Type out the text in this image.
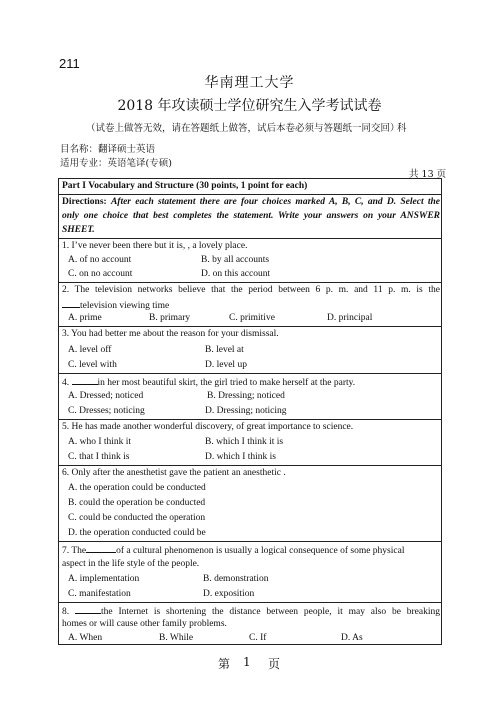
211
华南理工大学
2018 年攻读硕士学位研究生入学考试试卷
（试卷上做答无效，请在答题纸上做答，试后本卷必须与答题纸一同交回）
科
目名称：翻译硕士英语
适用专业：英语笔译(专硕)
共 13 页
Part I Vocabulary and Structure (30 points, 1 point for each)
Directions: After each statement there are four choices marked A, B, C, and D. Select the
only one choice that best completes the statement. Write your answers on your ANSWER
SHEET.
1. I’ve never been there but it is, , a lovely place.
A. of no account	B. by all accounts
C. on no account	D. on this account
2. The television networks believe that the period between 6 p. m. and 11 p. m. is the
television viewing time
A. prime	B. primary	C. primitive	D. principal
3. You had better me about the reason for your dismissal.
A. level off	B. level at
C. level with	D. level up
4.	in her most beautiful skirt, the girl tried to make herself at the party.
A. Dressed; noticed	B. Dressing; noticed
C. Dresses; noticing	D. Dressing; noticing
5. He has made another wonderful discovery, of great importance to science.
A. who I think it	B. which I think it is
C. that I think is	D. which I think is
6. Only after the anesthetist gave the patient an anesthetic .
A. the operation could be conducted
B. could the operation be conducted
C. could be conducted the operation
D. the operation conducted could be
7. The	of a cultural phenomenon is usually a logical consequence of some physical
aspect in the life style of the people.
A. implementation	B. demonstration
C. manifestation	D. exposition
8.	the Internet is shortening the distance between people, it may also be breaking
homes or will cause other family problems.
A. When	B. While	C. If	D. As
第 1 页
